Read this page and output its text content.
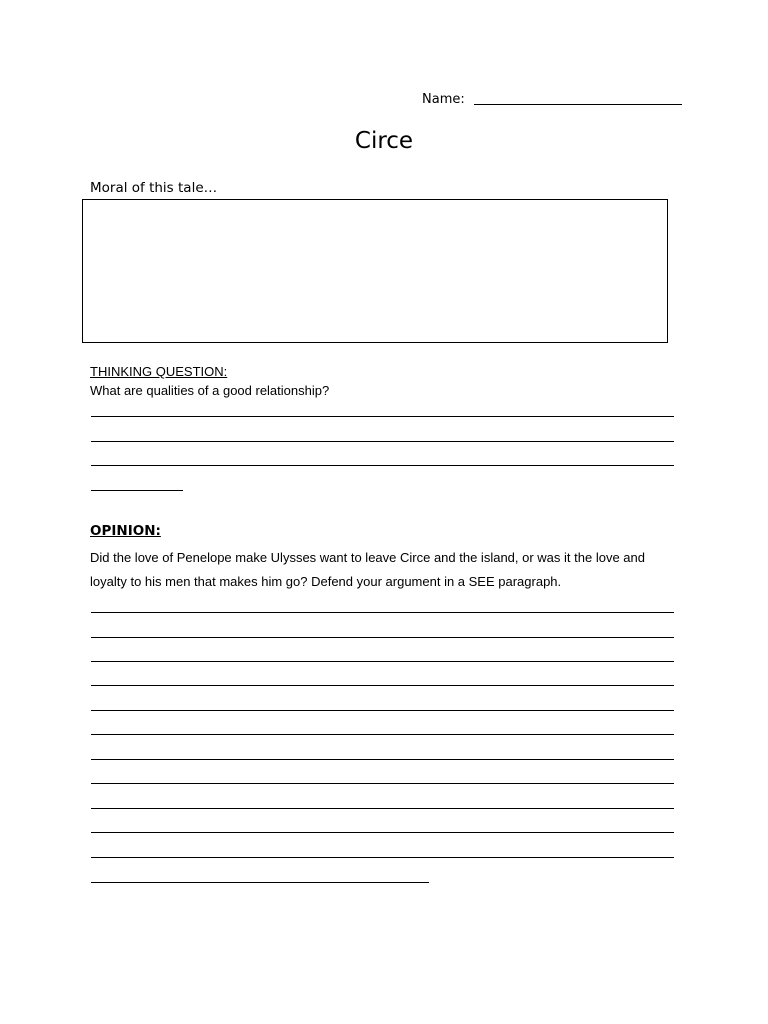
Name:
Circe
Moral of this tale…
THINKING QUESTION:
What are qualities of a good relationship?
OPINION:
Did the love of Penelope make Ulysses want to leave Circe and the island, or was it the love and loyalty to his men that makes him go? Defend your argument in a SEE paragraph.
